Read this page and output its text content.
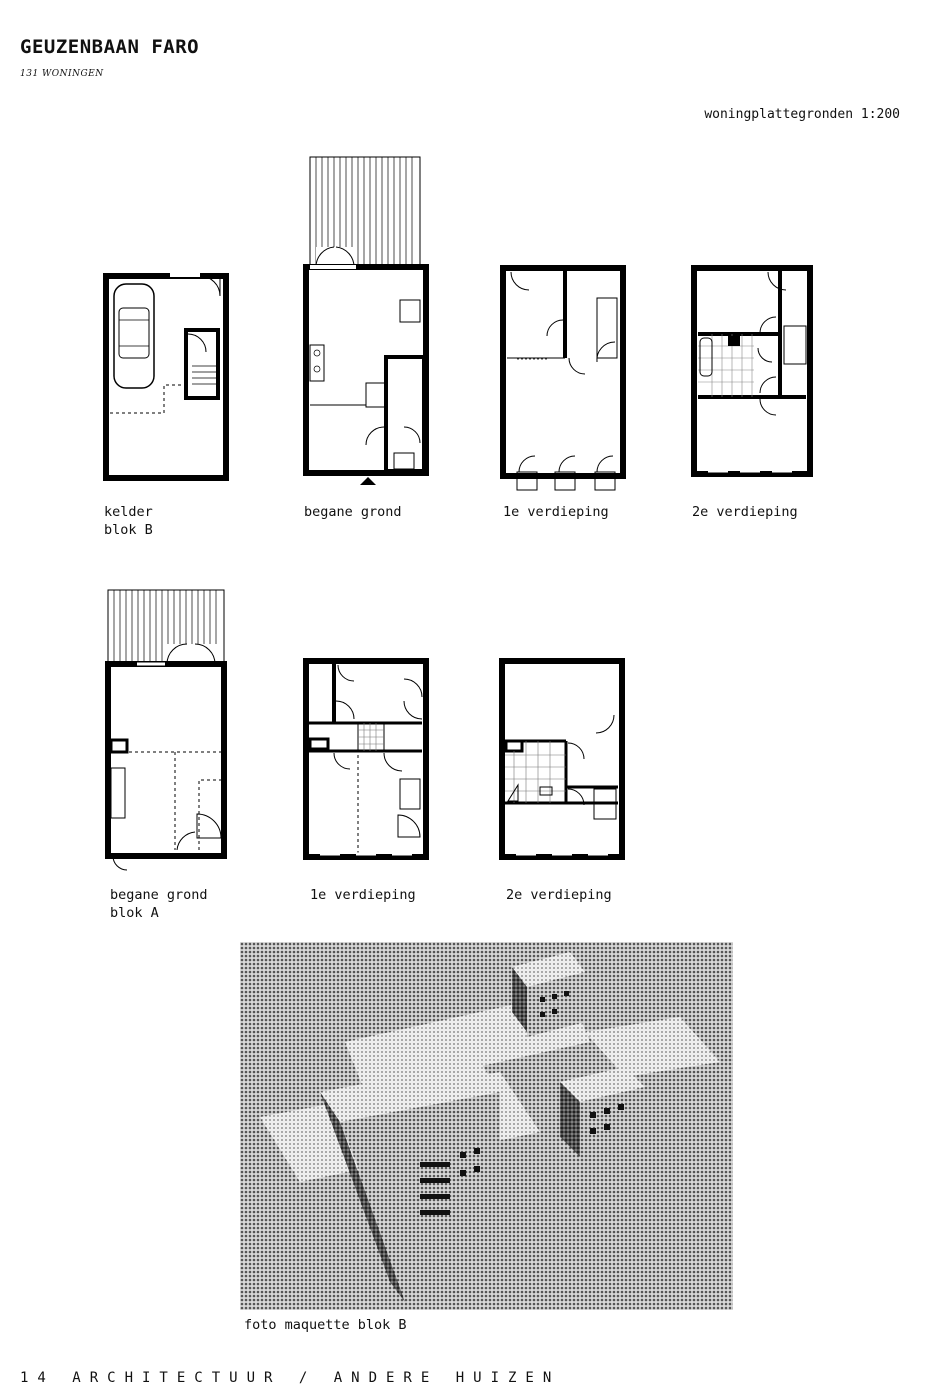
GEUZENBAAN FARO
131 WONINGEN
woningplattegronden 1:200
kelder
blok B
begane grond	1e verdieping	2e verdieping
begane grond
blok A
1e verdieping	2e verdieping
foto maquette blok B
14 ARCHITECTUUR / ANDERE HUIZEN
